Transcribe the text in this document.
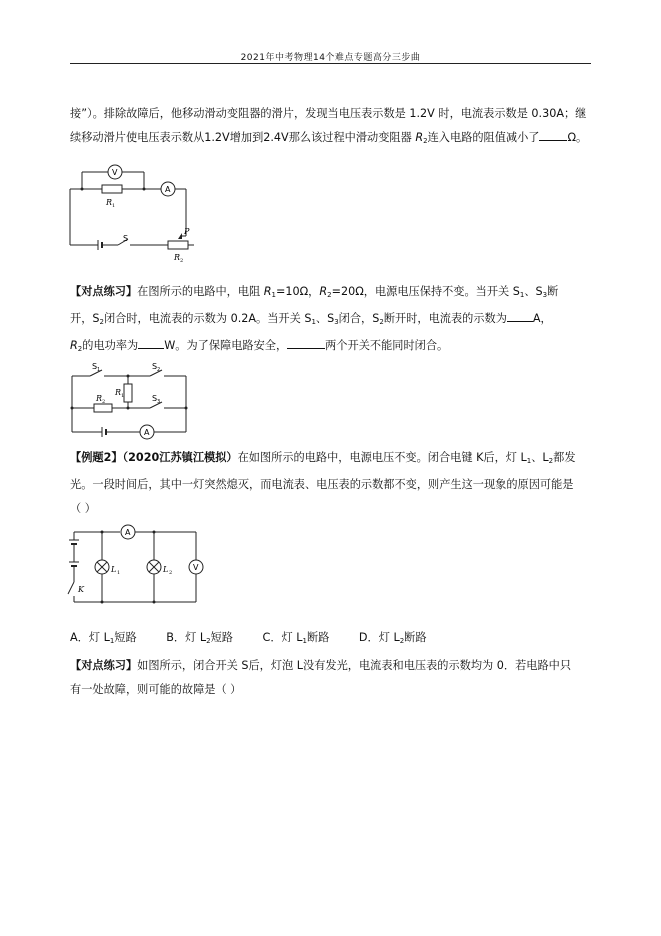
2021年中考物理14个难点专题高分三步曲

接”）。排除故障后，他移动滑动变阻器的滑片，发现当电压表示数是 1.2V 时，电流表示数是 0.30A；继

续移动滑片使电压表示数从1.2V增加到2.4V那么该过程中滑动变阻器 $R_2$连入电路的阻值减小了	Ω。

V
A
R 1
S
P
R 2

【对点练习】在图所示的电路中，电阻 $R_1=10\Omega$，$R_2=20\Omega$，电源电压保持不变。当开关 $S_1$、$S_3$断

开，$S_2$闭合时，电流表的示数为 0.2A。当开关 $S_1$、$S_3$闭合，$S_2$断开时，电流表的示数为 A，

$R_2$的电功率为 W。为了保障电路安全，	两个开关不能同时闭合。

S 1	S 2
S 3
R 1
R 2
A

【例题2】（2020江苏镇江模拟）在如图所示的电路中，电源电压不变。闭合电键 K后，灯 $L_1$、$L_2$都发

光。一段时间后，其中一灯突然熄灭，而电流表、电压表的示数都不变，则产生这一现象的原因可能是

（ ）

A
V
L 1	L 2
K
A．灯 $L_1$短路	B．灯 $L_2$短路	C．灯 $L_1$断路	D．灯 $L_2$断路

【对点练习】如图所示，闭合开关 S后，灯泡 L没有发光，电流表和电压表的示数均为 0．若电路中只

有一处故障，则可能的故障是（ ）
